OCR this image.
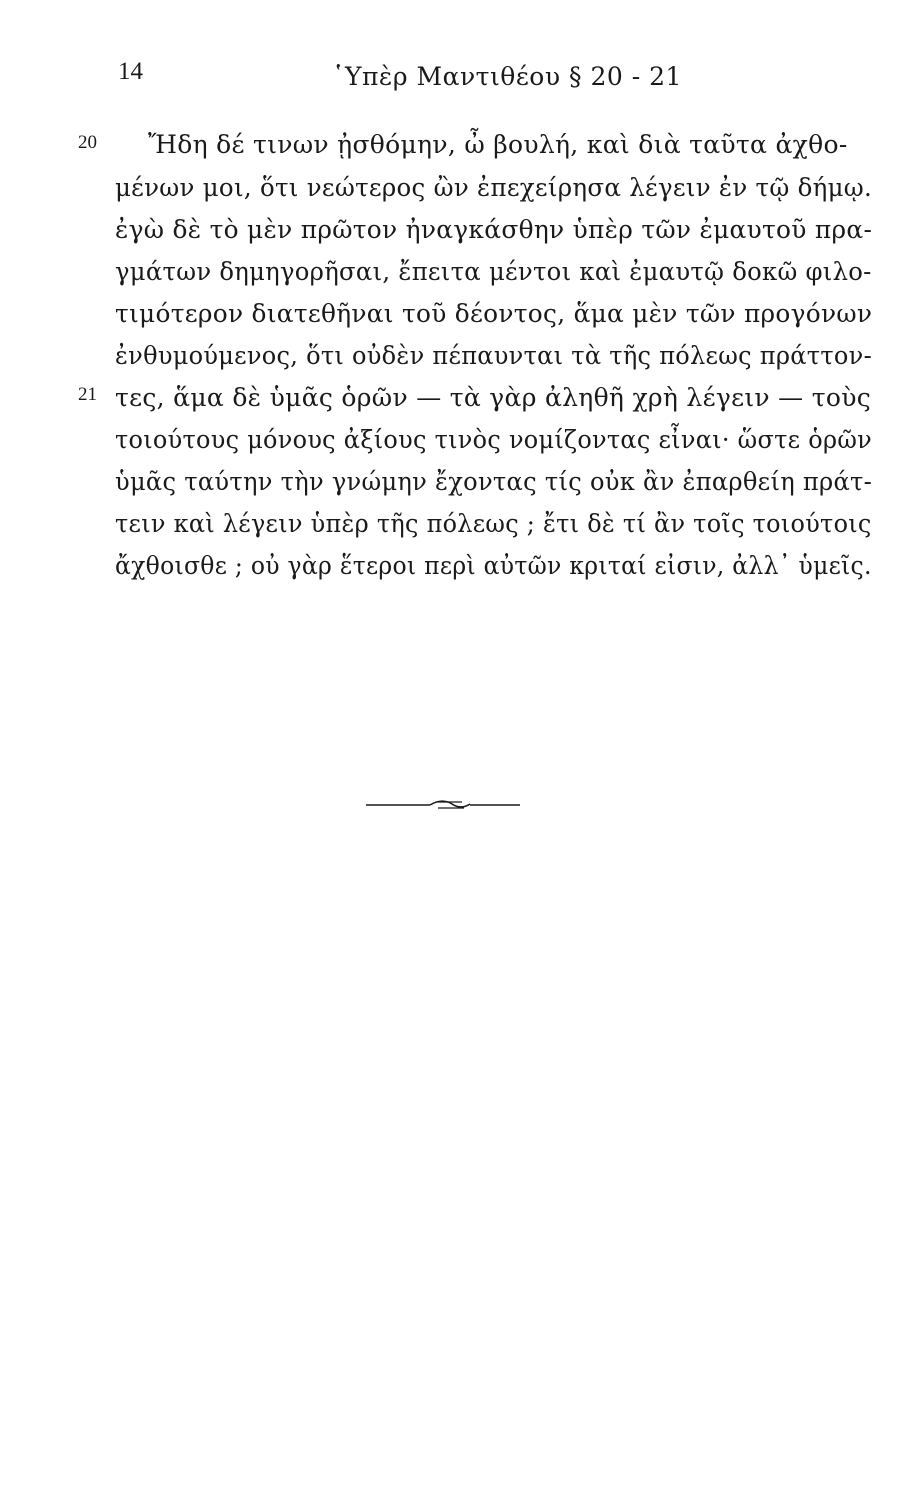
14	῾Υπὲρ Μαντιθέου § 20 - 21
20
21
Ἤδη δέ τινων ᾐσθόμην, ὦ βουλή, καὶ διὰ ταῦτα ἀχθο-
μένων μοι, ὅτι νεώτερος ὢν ἐπεχείρησα λέγειν ἐν τῷ δήμῳ.
ἐγὼ δὲ τὸ μὲν πρῶτον ἠναγκάσθην ὑπὲρ τῶν ἐμαυτοῦ πρα-
γμάτων δημηγορῆσαι, ἔπειτα μέντοι καὶ ἐμαυτῷ δοκῶ φιλο-
τιμότερον διατεθῆναι τοῦ δέοντος, ἅμα μὲν τῶν προγόνων
ἐνθυμούμενος, ὅτι οὐδὲν πέπαυνται τὰ τῆς πόλεως πράττον-
τες, ἅμα δὲ ὑμᾶς ὁρῶν — τὰ γὰρ ἀληθῆ χρὴ λέγειν — τοὺς
τοιούτους μόνους ἀξίους τινὸς νομίζοντας εἶναι· ὥστε ὁρῶν
ὑμᾶς ταύτην τὴν γνώμην ἔχοντας τίς οὐκ ἂν ἐπαρθείη πράτ-
τειν καὶ λέγειν ὑπὲρ τῆς πόλεως ; ἔτι δὲ τί ἂν τοῖς τοιούτοις
ἄχθοισθε ; οὐ γὰρ ἕτεροι περὶ αὐτῶν κριταί εἰσιν, ἀλλ᾽ ὑμεῖς.
